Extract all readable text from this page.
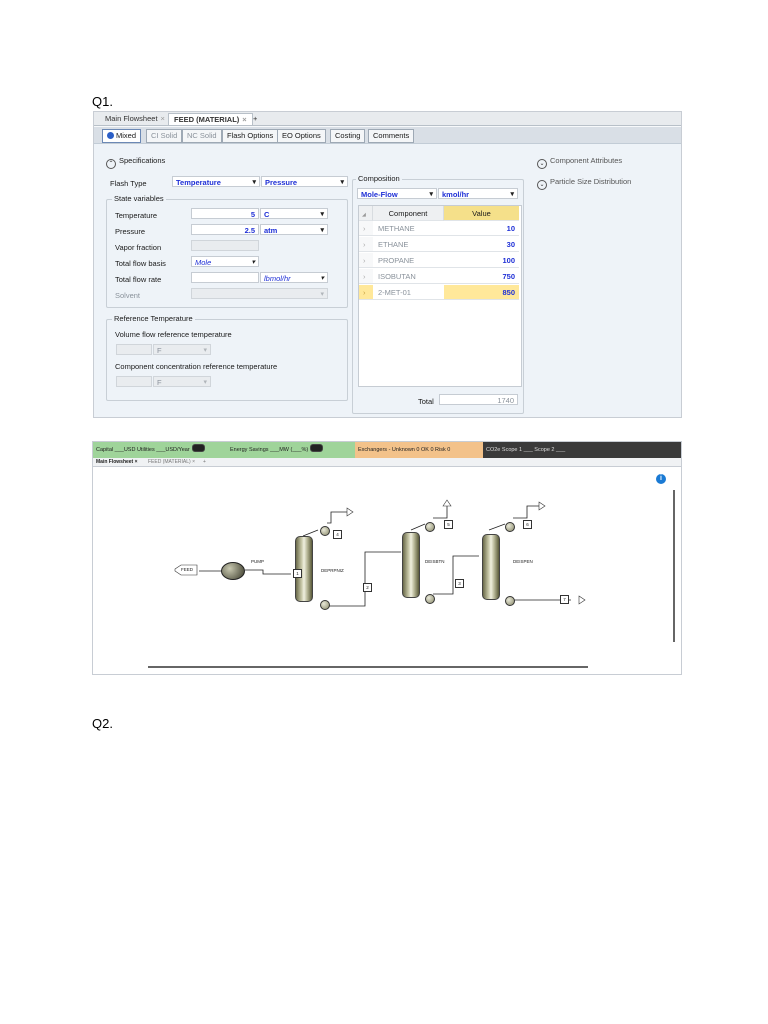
Q1.
Q2.
Main Flowsheet ×	FEED (MATERIAL) × +
Mixed	CI Solid	NC Solid	Flash Options	EO Options	Costing	Comments
⌃ Specifications	⌄ Component Attributes
⌄ Particle Size Distribution
Flash Type	Temperature ▾	Pressure ▾
State variables
Temperature	5	C ▾
Pressure	2.5	atm ▾
Vapor fraction
Total flow basis	Mole ▾
Total flow rate	lbmol/hr ▾
Solvent
▾
Reference Temperature
Volume flow reference temperature
F ▾
Component concentration reference temperature
F ▾
Composition
Mole-Flow ▾	kmol/hr ▾
◢	Component	Value
›	METHANE	10
›	ETHANE	30
›	PROPANE	100
›	ISOBUTAN	750
›	2-MET-01	850
Total	1740
Capital ___USD Utilities ___USD/Year	Energy Savings ___MW (___%)	Exchangers - Unknown 0 OK 0 Risk 0	CO2e Scope 1 ___ Scope 2 ___
Main Flowsheet × FEED (MATERIAL) × +
i
FEED
PUMP
DEPRPNIZ
DEISBTN	DEISPEN
1
2
3
4
5	6
7
